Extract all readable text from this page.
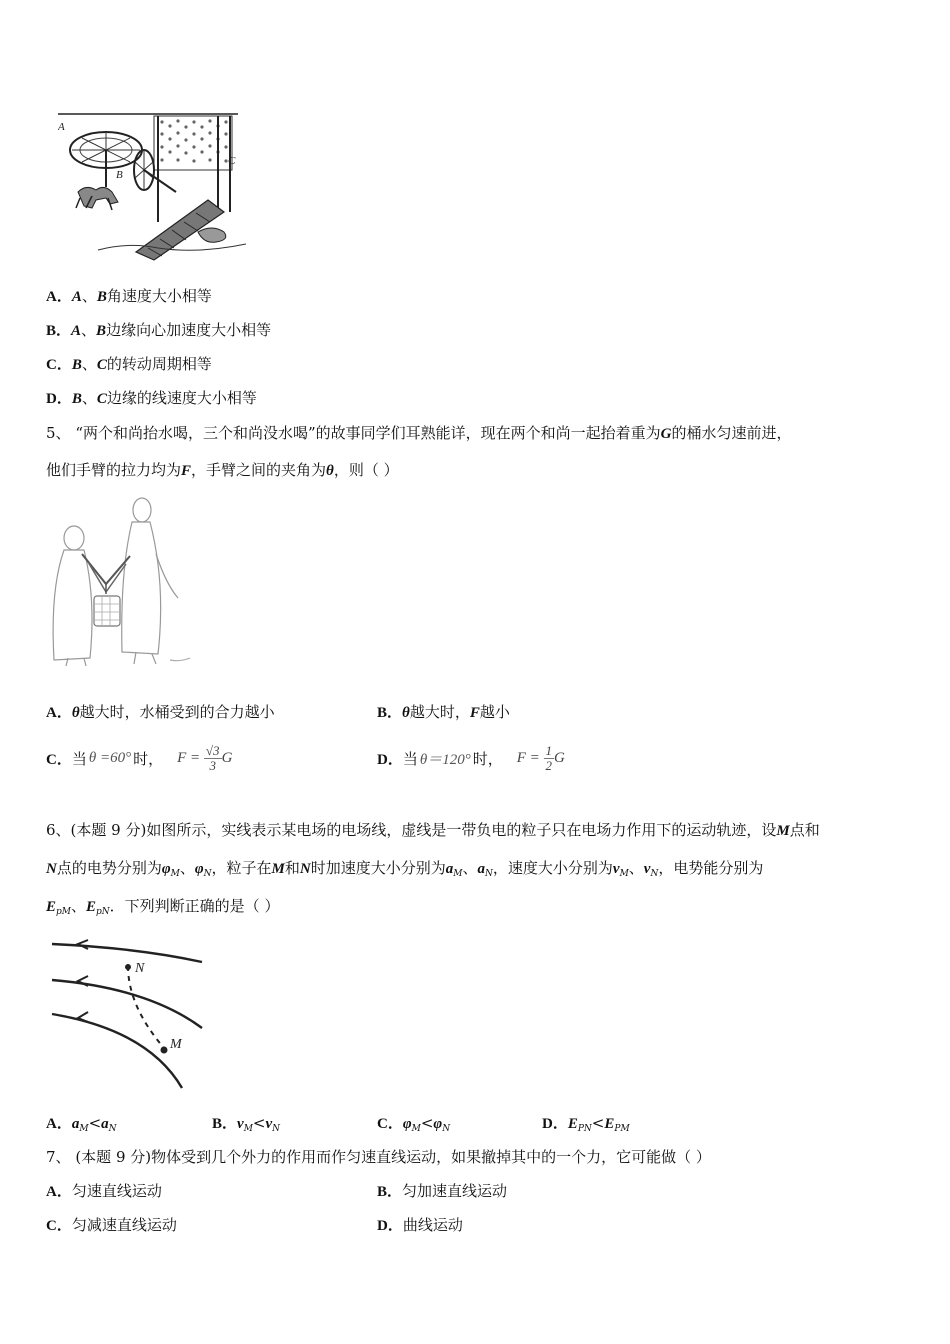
A
B
C
A．A、B角速度大小相等
B．A、B边缘向心加速度大小相等
C．B、C的转动周期相等
D．B、C边缘的线速度大小相等
5、 “两个和尚抬水喝，三个和尚没水喝”的故事同学们耳熟能详，现在两个和尚一起抬着重为G的桶水匀速前进，
他们手臂的拉力均为F，手臂之间的夹角为θ，则（ ）
A．θ越大时，水桶受到的合力越小	B．θ越大时，F越小
C． 当 θ =60° 时， $F = \frac{√3}{3}$ G	D． 当 θ＝120° 时， $F = \frac{1}{2}$ G
6、(本题 9 分)如图所示，实线表示某电场的电场线，虚线是一带负电的粒子只在电场力作用下的运动轨迹，设M点和
N点的电势分别为$\varphi_M$、$\varphi_N$，粒子在M和N时加速度大小分别为$a_M$、$a_N$，速度大小分别为$v_M$、$v_N$，电势能分别为
$E_{pM}$、$E_{pN}$．下列判断正确的是（ ）
N
M
A．$a_M<a_N$	B．$v_M<v_N$	C．$\varphi_M<\varphi_N$	D．$E_{PN}<E_{PM}$
7、 (本题 9 分)物体受到几个外力的作用而作匀速直线运动，如果撤掉其中的一个力，它可能做（ ）
A．匀速直线运动	B．匀加速直线运动
C．匀减速直线运动	D．曲线运动
